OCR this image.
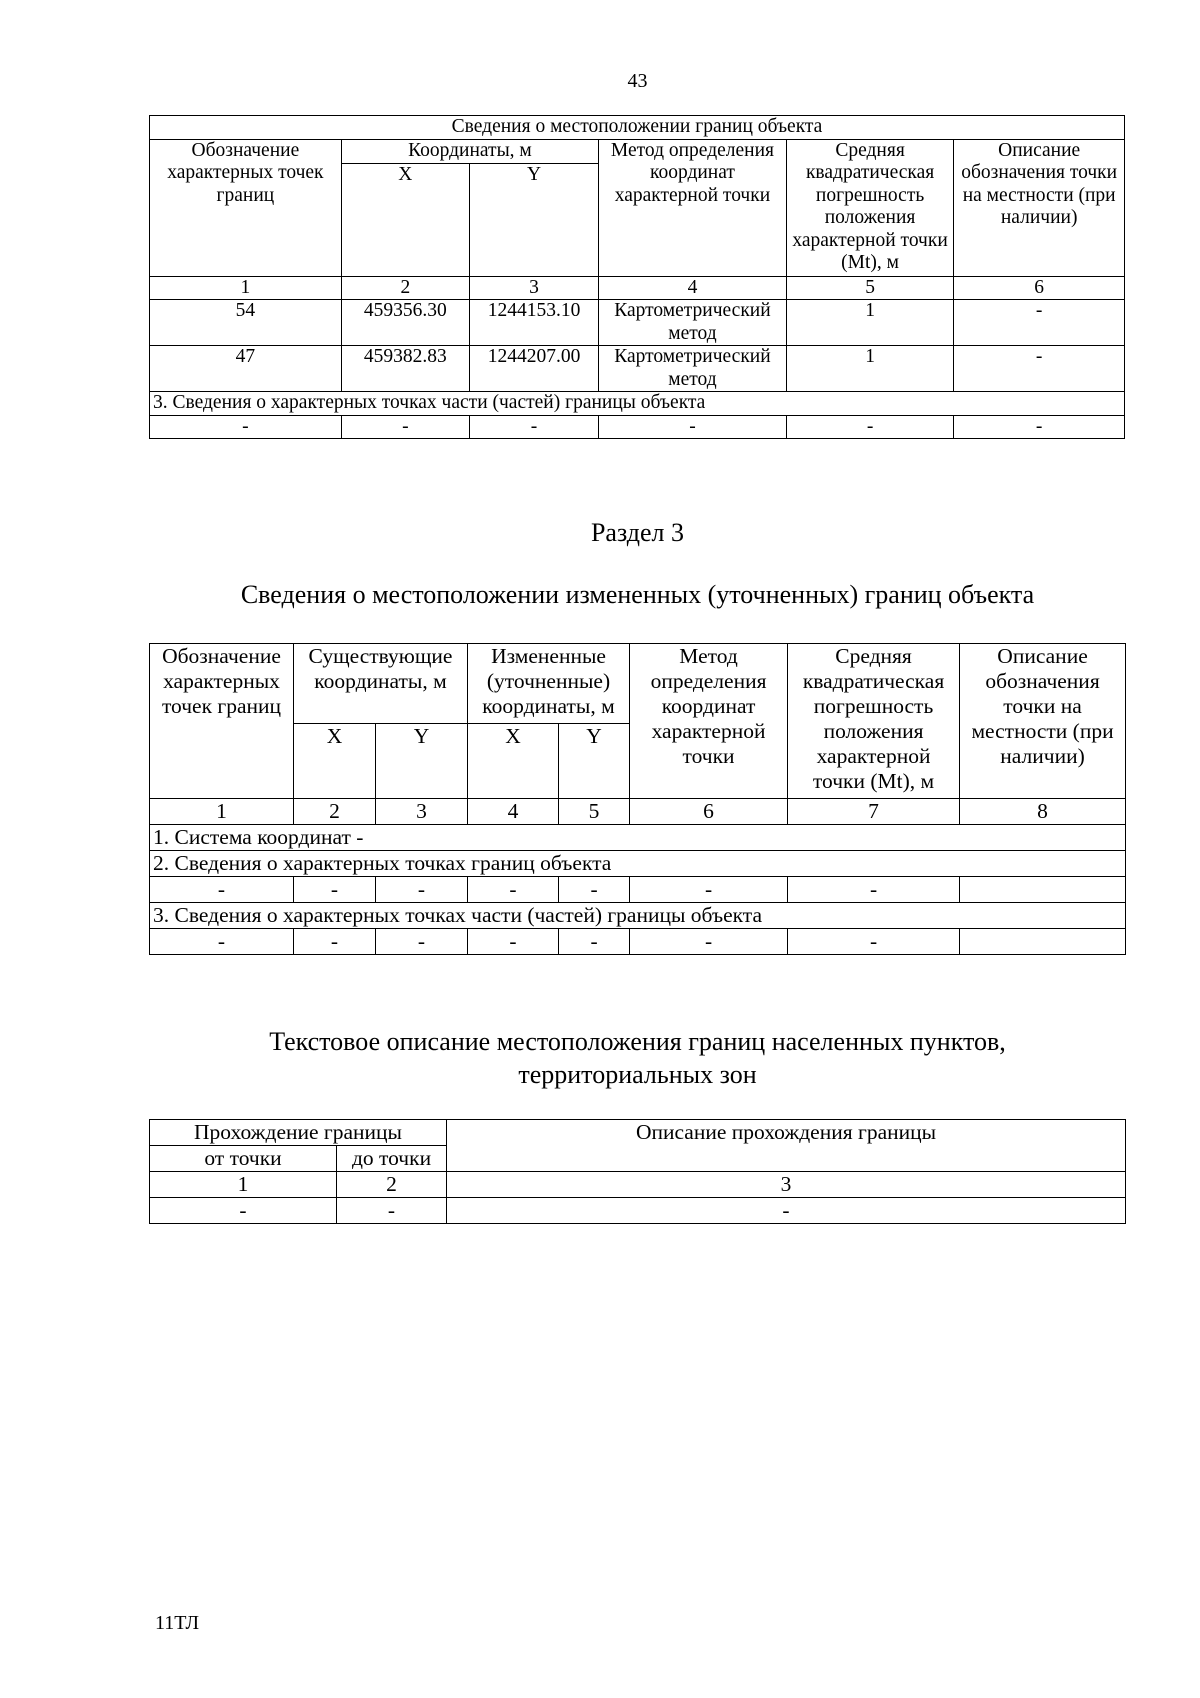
43
Сведения о местоположении границ объекта					
Обозначение характерных точек границ	Координаты, м		Метод определения координат характерной точки	Средняя квадратическая погрешность положения характерной точки (Mt), м	Описание обозначения точки на местности (при наличии)
	X	Y			
1	2	3	4	5	6
54	459356.30	1244153.10	Картометрический метод	1	-
47	459382.83	1244207.00	Картометрический метод	1	-
3. Сведения о характерных точках части (частей) границы объекта					
-	-	-	-	-	-
Раздел 3
Сведения о местоположении измененных (уточненных) границ объекта
Обозначение характерных точек границ	Существующие координаты, м		Измененные (уточненные) координаты, м		Метод определения координат характерной точки	Средняя квадратическая погрешность положения характерной точки (Mt), м	Описание обозначения точки на местности (при наличии)
	X	Y	X	Y			
1	2	3	4	5	6	7	8
1. Система координат -							
2. Сведения о характерных точках границ объекта							
-	-	-	-	-	-	-	
3. Сведения о характерных точках части (частей) границы объекта							
-	-	-	-	-	-	-	
Текстовое описание местоположения границ населенных пунктов,
территориальных зон
Прохождение границы		Описание прохождения границы
от точки	до точки	
1	2	3
-	-	-
11ТЛ
